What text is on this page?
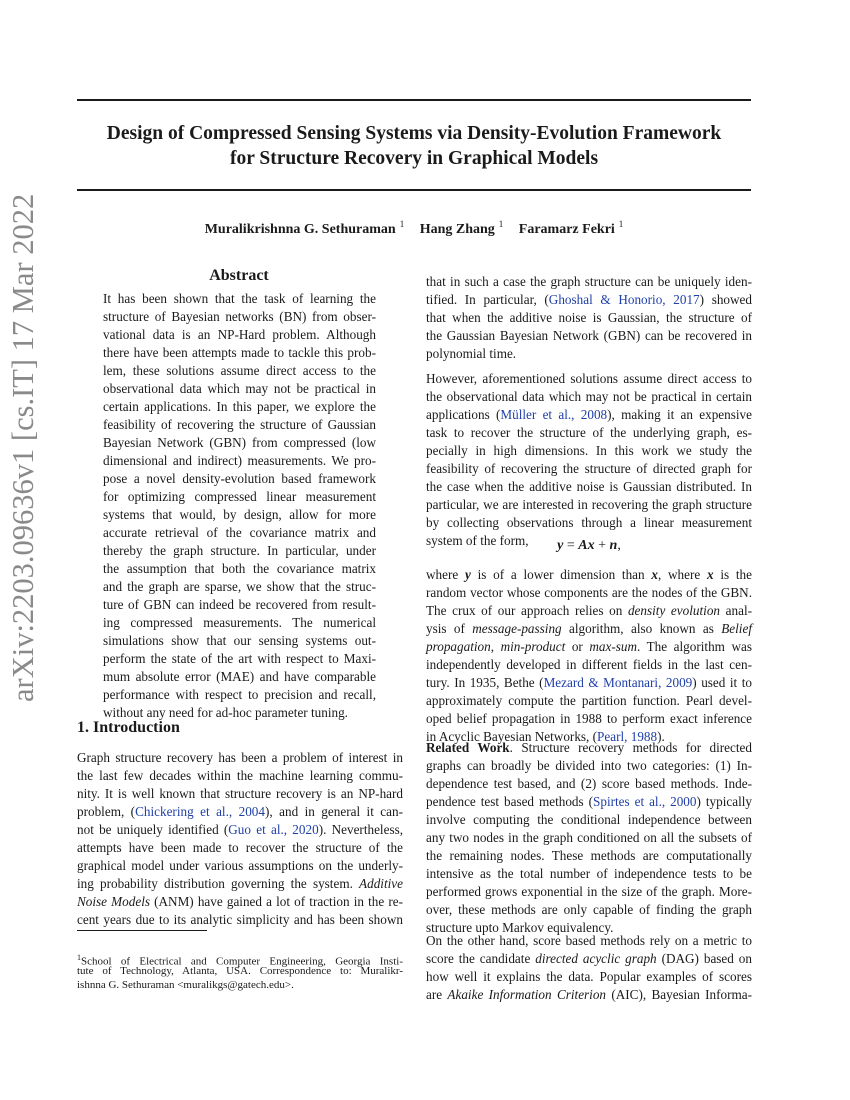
arXiv:2203.09636v1 [cs.IT] 17 Mar 2022
Design of Compressed Sensing Systems via Density-Evolution Framework
for Structure Recovery in Graphical Models
Muralikrishnna G. Sethuraman $^1$ Hang Zhang $^1$ Faramarz Fekri $^1$
Abstract
It has been shown that the task of learning the
structure of Bayesian networks (BN) from obser-
vational data is an NP-Hard problem. Although
there have been attempts made to tackle this prob-
lem, these solutions assume direct access to the
observational data which may not be practical in
certain applications. In this paper, we explore the
feasibility of recovering the structure of Gaussian
Bayesian Network (GBN) from compressed (low
dimensional and indirect) measurements. We pro-
pose a novel density-evolution based framework
for optimizing compressed linear measurement
systems that would, by design, allow for more
accurate retrieval of the covariance matrix and
thereby the graph structure. In particular, under
the assumption that both the covariance matrix
and the graph are sparse, we show that the struc-
ture of GBN can indeed be recovered from result-
ing compressed measurements. The numerical
simulations show that our sensing systems out-
perform the state of the art with respect to Maxi-
mum absolute error (MAE) and have comparable
performance with respect to precision and recall,
without any need for ad-hoc parameter tuning.
1. Introduction
Graph structure recovery has been a problem of interest in
the last few decades within the machine learning commu-
nity. It is well known that structure recovery is an NP-hard
problem, (Chickering et al., 2004), and in general it can-
not be uniquely identified (Guo et al., 2020). Nevertheless,
attempts have been made to recover the structure of the
graphical model under various assumptions on the underly-
ing probability distribution governing the system. Additive
Noise Models (ANM) have gained a lot of traction in the re-
cent years due to its analytic simplicity and has been shown
$^1$School of Electrical and Computer Engineering, Georgia Insti-
tute of Technology, Atlanta, USA. Correspondence to: Muralikr-
ishnna G. Sethuraman <muralikgs@gatech.edu>.
that in such a case the graph structure can be uniquely iden-
tified. In particular, (Ghoshal & Honorio, 2017) showed
that when the additive noise is Gaussian, the structure of
the Gaussian Bayesian Network (GBN) can be recovered in
polynomial time.
However, aforementioned solutions assume direct access to
the observational data which may not be practical in certain
applications (Müller et al., 2008), making it an expensive
task to recover the structure of the underlying graph, es-
pecially in high dimensions. In this work we study the
feasibility of recovering the structure of directed graph for
the case when the additive noise is Gaussian distributed. In
particular, we are interested in recovering the graph structure
by collecting observations through a linear measurement
system of the form,	y = Ax + n,
where y is of a lower dimension than x, where x is the
random vector whose components are the nodes of the GBN.
The crux of our approach relies on density evolution anal-
ysis of message-passing algorithm, also known as Belief
propagation, min-product or max-sum. The algorithm was
independently developed in different fields in the last cen-
tury. In 1935, Bethe (Mezard & Montanari, 2009) used it to
approximately compute the partition function. Pearl devel-
oped belief propagation in 1988 to perform exact inference
in Acyclic Bayesian Networks, (Pearl, 1988).
Related Work. Structure recovery methods for directed
graphs can broadly be divided into two categories: (1) In-
dependence test based, and (2) score based methods. Inde-
pendence test based methods (Spirtes et al., 2000) typically
involve computing the conditional independence between
any two nodes in the graph conditioned on all the subsets of
the remaining nodes. These methods are computationally
intensive as the total number of independence tests to be
performed grows exponential in the size of the graph. More-
over, these methods are only capable of finding the graph
structure upto Markov equivalency.
On the other hand, score based methods rely on a metric to
score the candidate directed acyclic graph (DAG) based on
how well it explains the data. Popular examples of scores
are Akaike Information Criterion (AIC), Bayesian Informa-
